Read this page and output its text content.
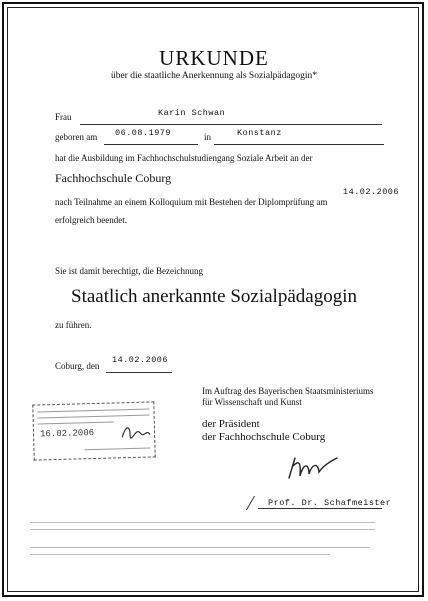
URKUNDE
über die staatliche Anerkennung als Sozialpädagogin*
Frau	Karin Schwan
geboren am 06.08.1979	in	Konstanz
hat die Ausbildung im Fachhochschulstudiengang Soziale Arbeit an der
Fachhochschule Coburg
nach Teilnahme an einem Kolloquium mit Bestehen der Diplomprüfung am
14.02.2006
erfolgreich beendet.
Sie ist damit berechtigt, die Bezeichnung
Staatlich anerkannte Sozialpädagogin
zu führen.
Coburg, den
14.02.2006
Im Auftrag des Bayerischen Staatsministeriums
für Wissenschaft und Kunst
der Präsident
der Fachhochschule Coburg
16.02.2006
Prof. Dr. Schafmeister
